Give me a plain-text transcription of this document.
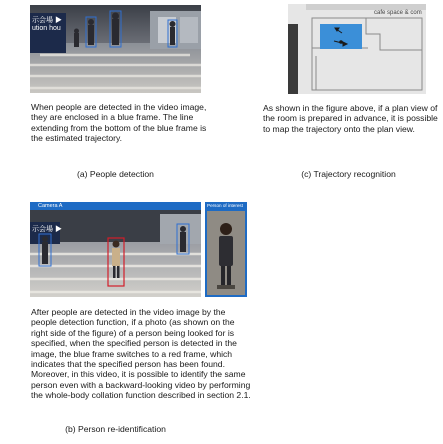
示会場 ▶
ution hou
When people are detected in the video image, they are enclosed in a blue frame. The line extending from the bottom of the blue frame is the estimated trajectory.
(a) People detection
cafe space & com
As shown in the figure above, if a plan view of the room is prepared in advance, it is possible to map the trajectory onto the plan view.
(c) Trajectory recognition
Camera A
示会場 ▶
Person of interest
After people are detected in the video image by the people detection function, if a photo (as shown on the right side of the figure) of a person being looked for is specified, when the specified person is detected in the image, the blue frame switches to a red frame, which indicates that the specified person has been found. Moreover, in this video, it is possible to identify the same person even with a backward-looking video by performing the whole-body collation function described in section 2.1.
(b) Person re-identification
